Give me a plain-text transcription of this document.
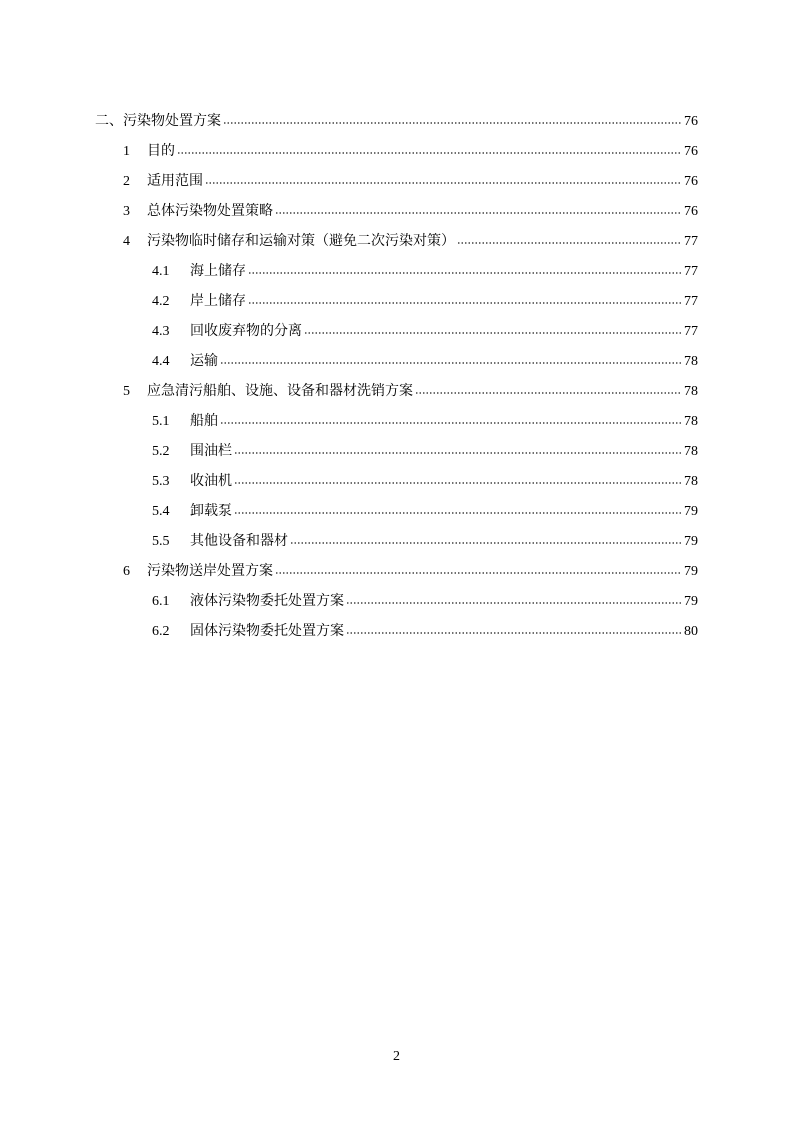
二、污染物处置方案	76
1	目的	76
2	适用范围	76
3	总体污染物处置策略	76
4	污染物临时储存和运输对策（避免二次污染对策）	77
4.1	海上储存	77
4.2	岸上储存	77
4.3	回收废弃物的分离	77
4.4	运输	78
5	应急清污船舶、设施、设备和器材洗销方案	78
5.1	船舶	78
5.2	围油栏	78
5.3	收油机	78
5.4	卸载泵	79
5.5	其他设备和器材	79
6	污染物送岸处置方案	79
6.1	液体污染物委托处置方案	79
6.2	固体污染物委托处置方案	80
2
